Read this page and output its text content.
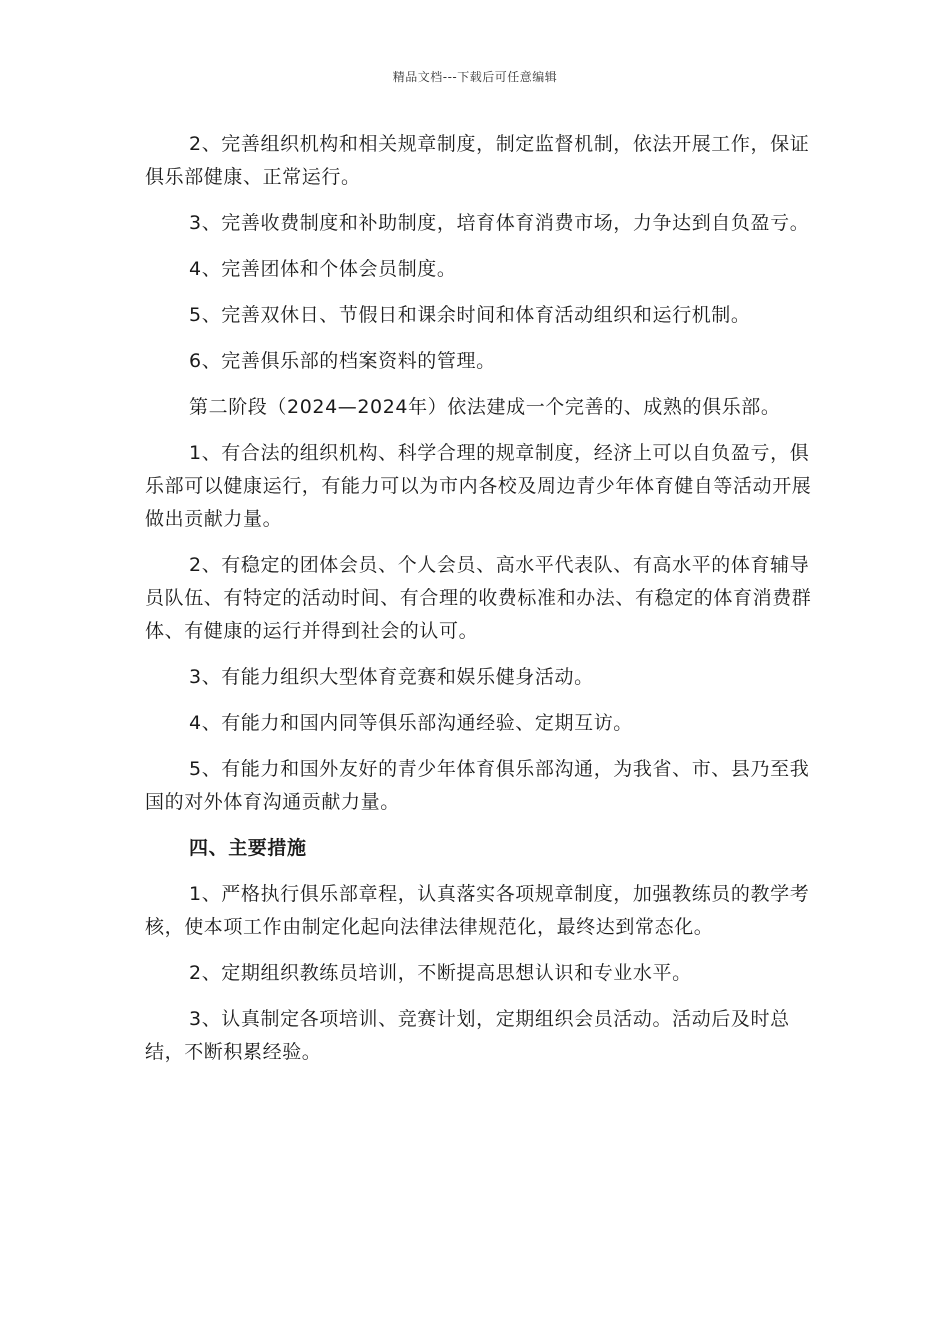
精品文档---下载后可任意编辑

2、完善组织机构和相关规章制度，制定监督机制，依法开展工作，保证俱乐部健康、正常运行。

3、完善收费制度和补助制度，培育体育消费市场，力争达到自负盈亏。

4、完善团体和个体会员制度。

5、完善双休日、节假日和课余时间和体育活动组织和运行机制。

6、完善俱乐部的档案资料的管理。

第二阶段（2024—2024年）依法建成一个完善的、成熟的俱乐部。

1、有合法的组织机构、科学合理的规章制度，经济上可以自负盈亏，俱乐部可以健康运行，有能力可以为市内各校及周边青少年体育健自等活动开展做出贡献力量。

2、有稳定的团体会员、个人会员、高水平代表队、有高水平的体育辅导员队伍、有特定的活动时间、有合理的收费标准和办法、有稳定的体育消费群体、有健康的运行并得到社会的认可。

3、有能力组织大型体育竞赛和娱乐健身活动。

4、有能力和国内同等俱乐部沟通经验、定期互访。

5、有能力和国外友好的青少年体育俱乐部沟通，为我省、市、县乃至我国的对外体育沟通贡献力量。

四、主要措施

1、严格执行俱乐部章程，认真落实各项规章制度，加强教练员的教学考核，使本项工作由制定化起向法律法律规范化，最终达到常态化。

2、定期组织教练员培训，不断提高思想认识和专业水平。

3、认真制定各项培训、竞赛计划，定期组织会员活动。活动后及时总结，不断积累经验。
